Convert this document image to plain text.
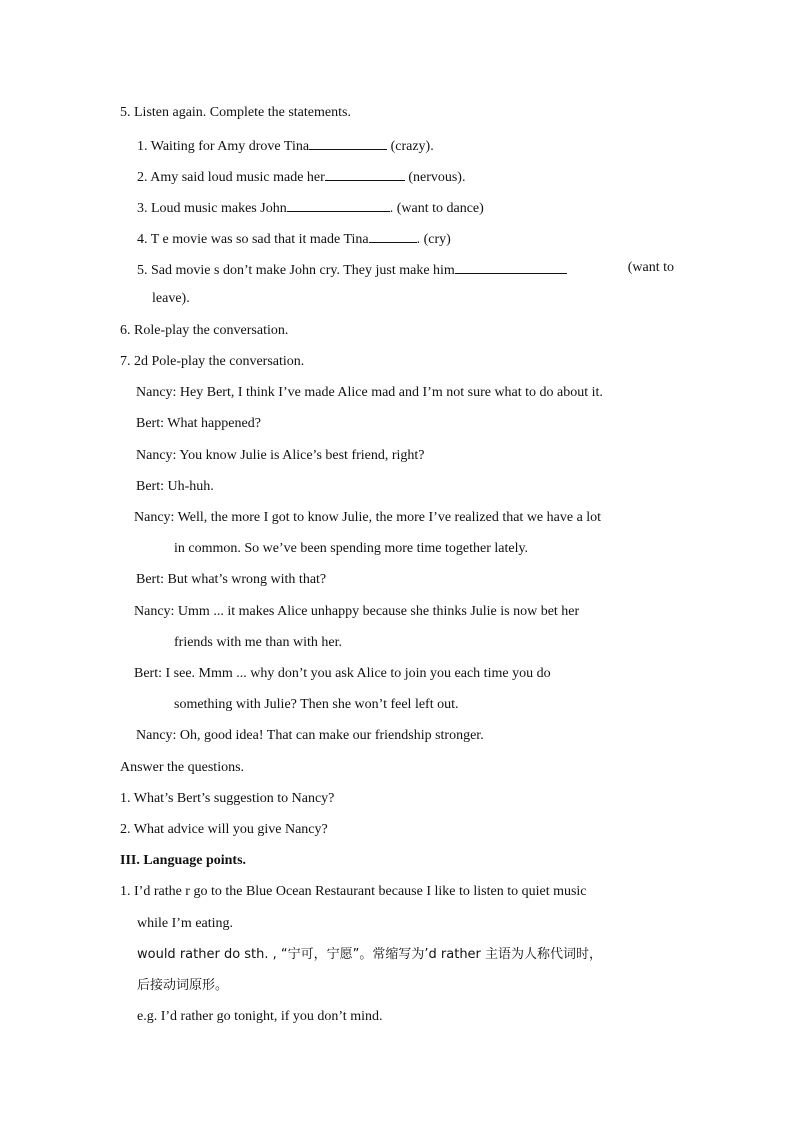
5. Listen again. Complete the statements.
1. Waiting for Amy drove Tina	(crazy).
2. Amy said loud music made her	(nervous).
3. Loud music makes John	. (want to dance)
4. T e movie was so sad that it made Tina	. (cry)
5. Sad movie s don’t make John cry. They just make him	(want to
leave).
6. Role-play the conversation.
7. 2d Pole-play the conversation.
Nancy: Hey Bert, I think I’ve made Alice mad and I’m not sure what to do about it.
Bert: What happened?
Nancy: You know Julie is Alice’s best friend, right?
Bert: Uh-huh.
Nancy: Well, the more I got to know Julie, the more I’ve realized that we have a lot
in common. So we’ve been spending more time together lately.
Bert: But what’s wrong with that?
Nancy: Umm ... it makes Alice unhappy because she thinks Julie is now bet her
friends with me than with her.
Bert: I see. Mmm ... why don’t you ask Alice to join you each time you do
something with Julie? Then she won’t feel left out.
Nancy: Oh, good idea! That can make our friendship stronger.
Answer the questions.
1. What’s Bert’s suggestion to Nancy?
2. What advice will you give Nancy?
III. Language points.
1. I’d rathe r go to the Blue Ocean Restaurant because I like to listen to quiet music
while I’m eating.
would rather do sth. , “宁可，宁愿”。常缩写为’d rather 主语为人称代词时，
后接动词原形。
e.g. I’d rather go tonight, if you don’t mind.
